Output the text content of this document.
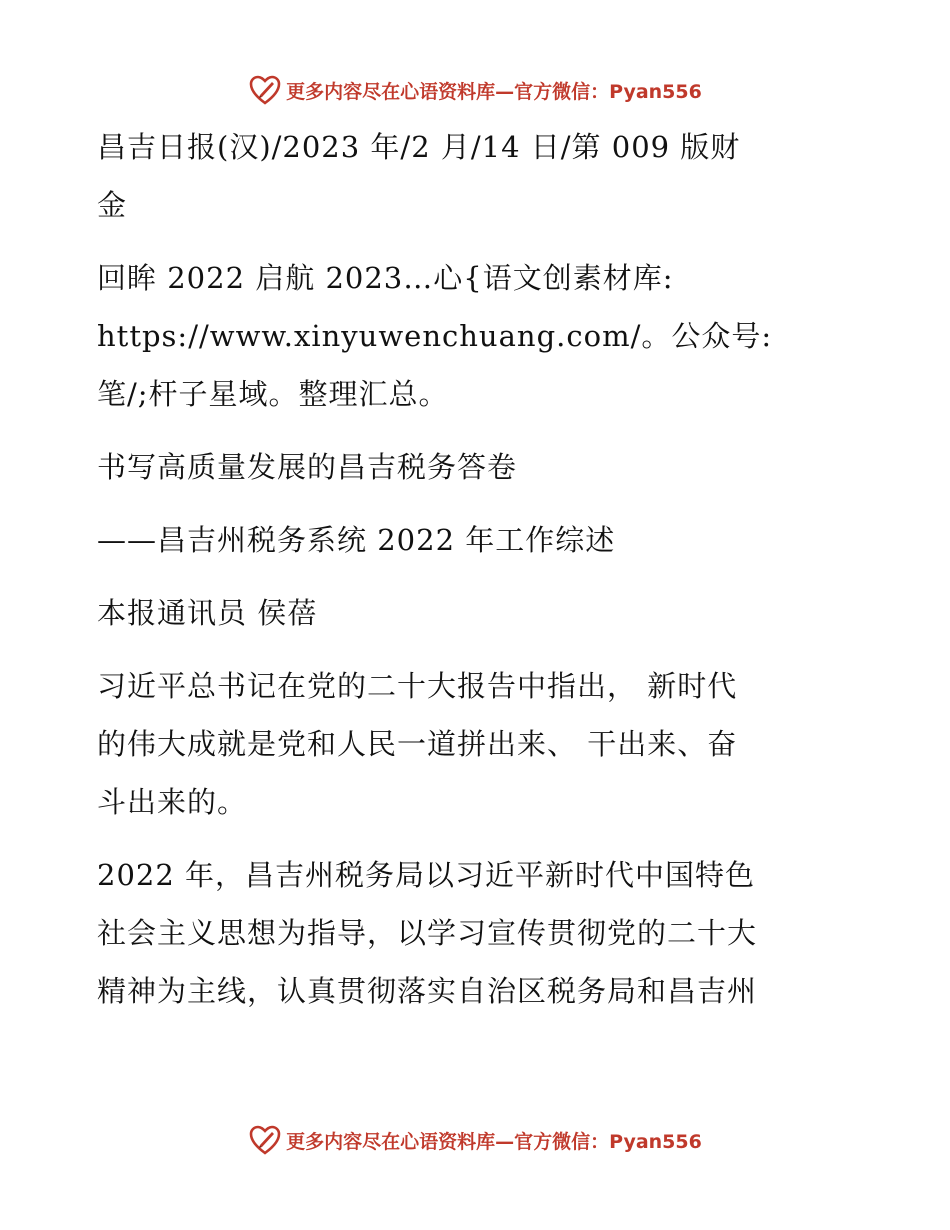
更多内容尽在心语资料库—官方微信：Pyan556
昌吉日报(汉)/2023 年/2 月/14 日/第 009 版财
金
回眸 2022 启航 2023…心{语文创素材库:
https://www.xinyuwenchuang.com/。公众号:
笔/;杆子星域。整理汇总。
书写高质量发展的昌吉税务答卷
——昌吉州税务系统 2022 年工作综述
本报通讯员 侯蓓
习近平总书记在党的二十大报告中指出， 新时代
的伟大成就是党和人民一道拼出来、 干出来、奋
斗出来的。
2022 年，昌吉州税务局以习近平新时代中国特色
社会主义思想为指导，以学习宣传贯彻党的二十大
精神为主线，认真贯彻落实自治区税务局和昌吉州
更多内容尽在心语资料库—官方微信：Pyan556
